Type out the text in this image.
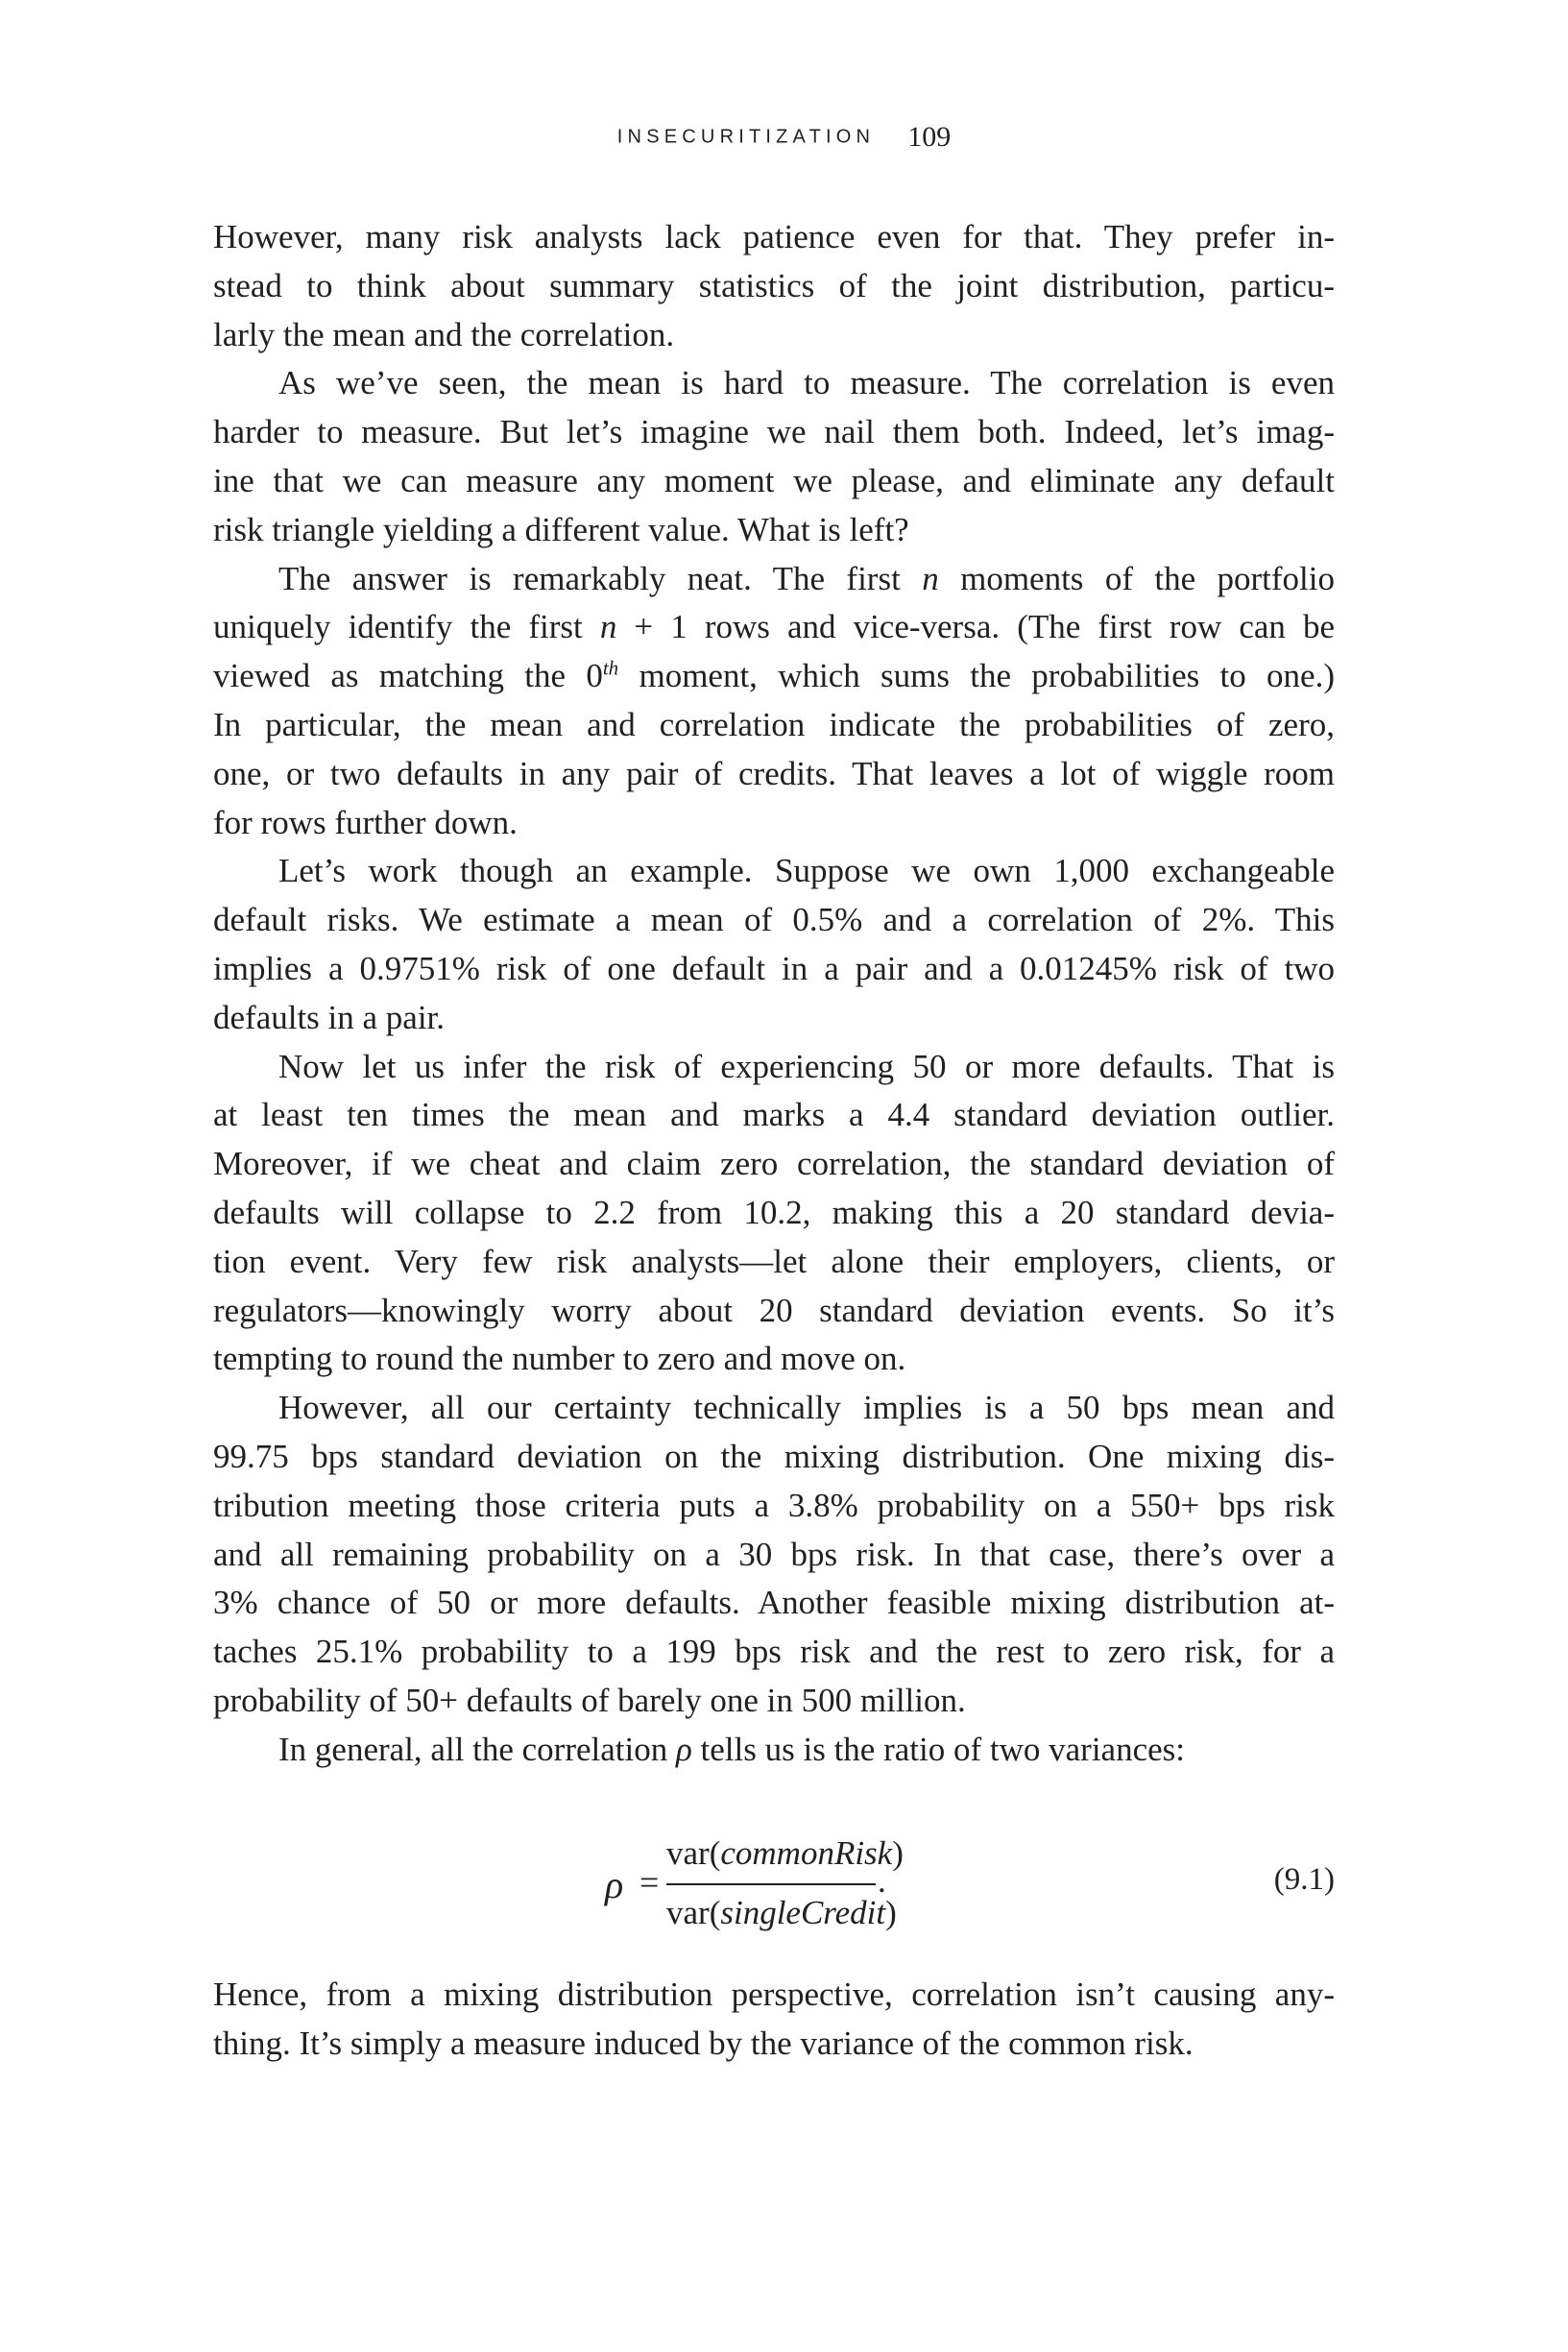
INSECURITIZATION 109
However, many risk analysts lack patience even for that. They prefer in-
stead to think about summary statistics of the joint distribution, particu-
larly the mean and the correlation.
As we’ve seen, the mean is hard to measure. The correlation is even
harder to measure. But let’s imagine we nail them both. Indeed, let’s imag-
ine that we can measure any moment we please, and eliminate any default
risk triangle yielding a different value. What is left?
The answer is remarkably neat. The first n moments of the portfolio
uniquely identify the first n + 1 rows and vice-versa. (The first row can be
viewed as matching the 0th moment, which sums the probabilities to one.)
In particular, the mean and correlation indicate the probabilities of zero,
one, or two defaults in any pair of credits. That leaves a lot of wiggle room
for rows further down.
Let’s work though an example. Suppose we own 1,000 exchangeable
default risks. We estimate a mean of 0.5% and a correlation of 2%. This
implies a 0.9751% risk of one default in a pair and a 0.01245% risk of two
defaults in a pair.
Now let us infer the risk of experiencing 50 or more defaults. That is
at least ten times the mean and marks a 4.4 standard deviation outlier.
Moreover, if we cheat and claim zero correlation, the standard deviation of
defaults will collapse to 2.2 from 10.2, making this a 20 standard devia-
tion event. Very few risk analysts—let alone their employers, clients, or
regulators—knowingly worry about 20 standard deviation events. So it’s
tempting to round the number to zero and move on.
However, all our certainty technically implies is a 50 bps mean and
99.75 bps standard deviation on the mixing distribution. One mixing dis-
tribution meeting those criteria puts a 3.8% probability on a 550+ bps risk
and all remaining probability on a 30 bps risk. In that case, there’s over a
3% chance of 50 or more defaults. Another feasible mixing distribution at-
taches 25.1% probability to a 199 bps risk and the rest to zero risk, for a
probability of 50+ defaults of barely one in 500 million.
In general, all the correlation ρ tells us is the ratio of two variances:
ρ =
var(commonRisk)
var(singleCredit)
.	(9.1)
Hence, from a mixing distribution perspective, correlation isn’t causing any-
thing. It’s simply a measure induced by the variance of the common risk.
